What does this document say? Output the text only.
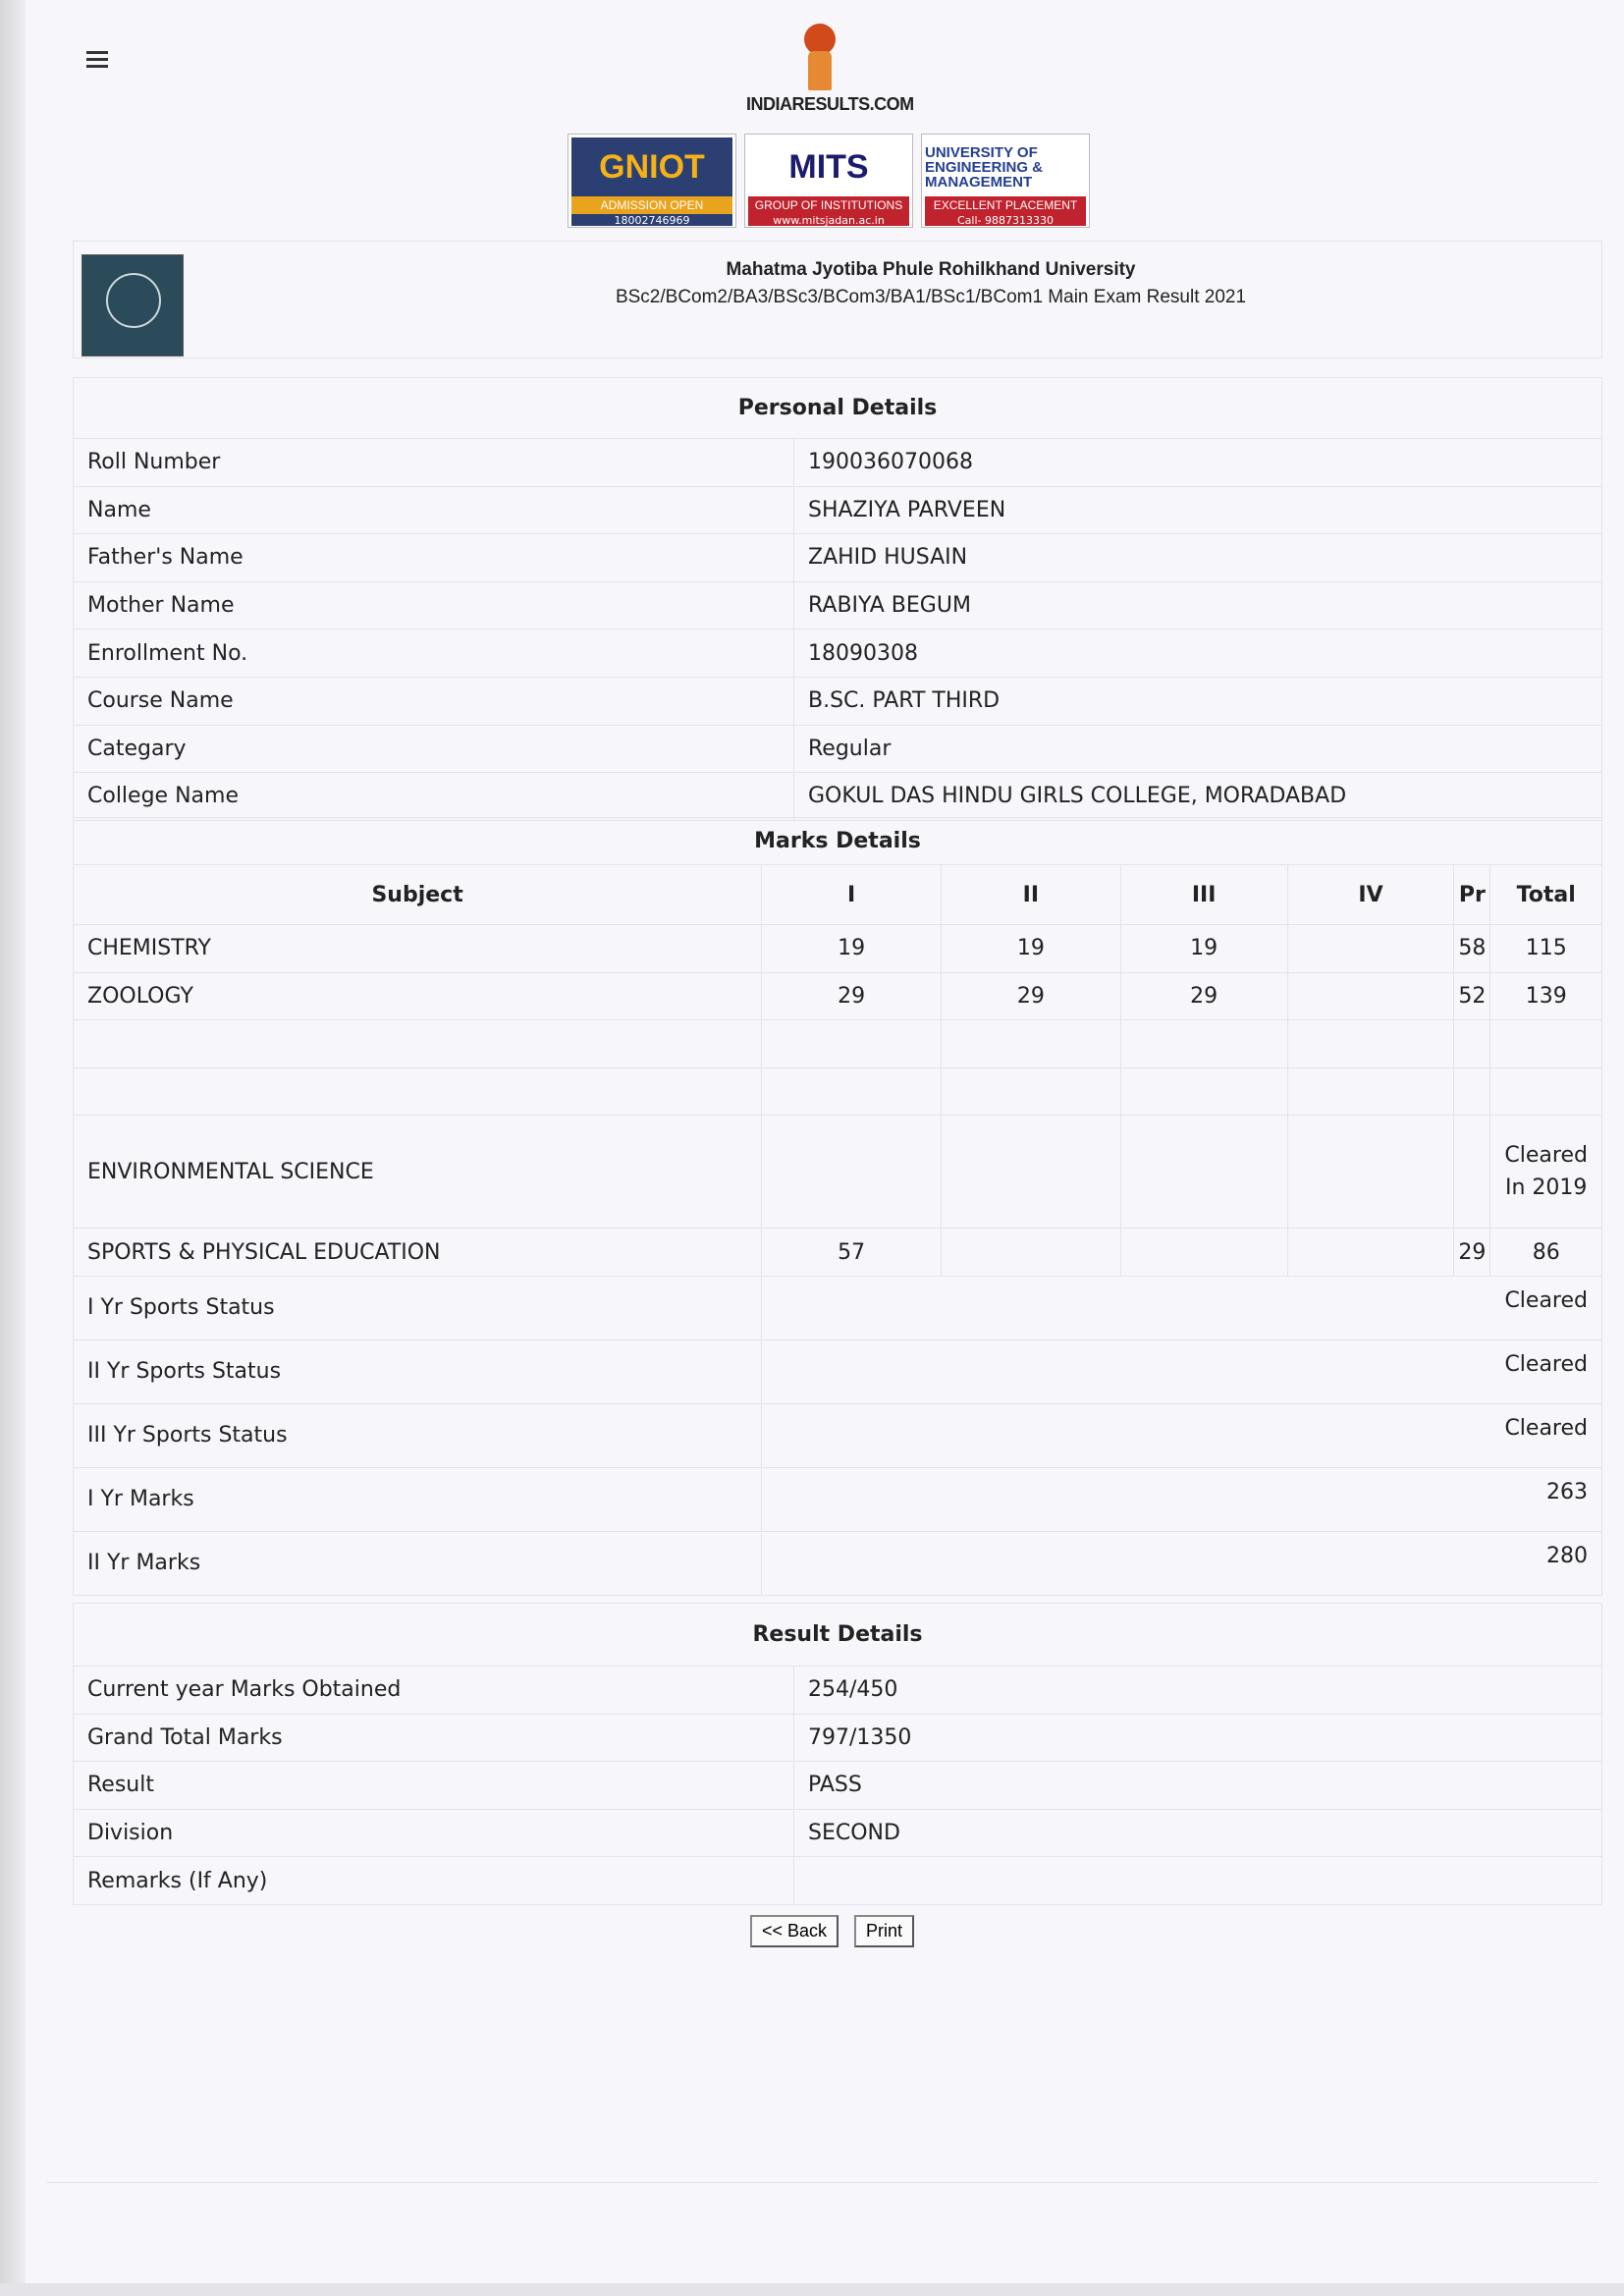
INDIARESULTS.COM
GNIOT
ADMISSION OPEN
18002746969
MITS
GROUP OF INSTITUTIONS
www.mitsjadan.ac.in
UNIVERSITY OF ENGINEERING & MANAGEMENT
EXCELLENT PLACEMENT
Call- 9887313330
Mahatma Jyotiba Phule Rohilkhand University
BSc2/BCom2/BA3/BSc3/BCom3/BA1/BSc1/BCom1 Main Exam Result 2021
Personal Details	
Roll Number	190036070068
Name	SHAZIYA PARVEEN
Father's Name	ZAHID HUSAIN
Mother Name	RABIYA BEGUM
Enrollment No.	18090308
Course Name	B.SC. PART THIRD
Categary	Regular
College Name	GOKUL DAS HINDU GIRLS COLLEGE, MORADABAD
Marks Details						
Subject	I	II	III	IV	Pr	Total
CHEMISTRY	19	19	19		58	115
ZOOLOGY	29	29	29		52	139

ENVIRONMENTAL SCIENCE						Cleared In 2019
SPORTS & PHYSICAL EDUCATION	57				29	86
I Yr Sports Status	Cleared					
II Yr Sports Status	Cleared					
III Yr Sports Status	Cleared					
I Yr Marks	263					
II Yr Marks	280					
Result Details	
Current year Marks Obtained	254/450
Grand Total Marks	797/1350
Result	PASS
Division	SECOND
Remarks (If Any)	
<< Back	Print
